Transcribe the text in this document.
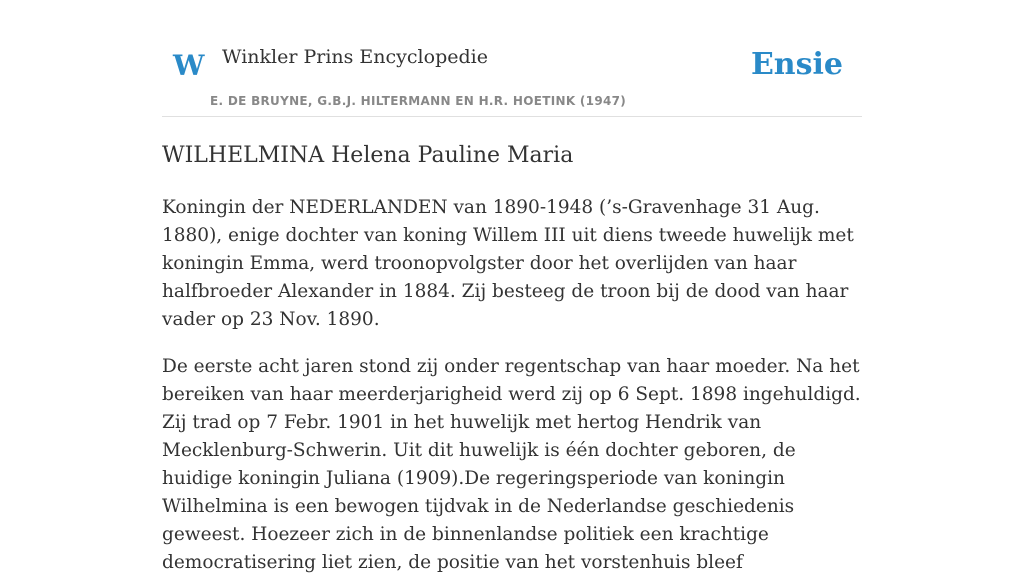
W Winkler Prins Encyclopedie
E. DE BRUYNE, G.B.J. HILTERMANN EN H.R. HOETINK (1947)
Ensie
WILHELMINA Helena Pauline Maria

Koningin der NEDERLANDEN van 1890-1948 (’s-Gravenhage 31 Aug. 1880), enige dochter van koning Willem III uit diens tweede huwelijk met koningin Emma, werd troonopvolgster door het overlijden van haar halfbroeder Alexander in 1884. Zij besteeg de troon bij de dood van haar vader op 23 Nov. 1890.

De eerste acht jaren stond zij onder regentschap van haar moeder. Na het bereiken van haar meerderjarigheid werd zij op 6 Sept. 1898 ingehuldigd. Zij trad op 7 Febr. 1901 in het huwelijk met hertog Hendrik van Mecklenburg-Schwerin. Uit dit huwelijk is één dochter geboren, de huidige koningin Juliana (1909).De regeringsperiode van koningin Wilhelmina is een bewogen tijdvak in de Nederlandse geschiedenis geweest. Hoezeer zich in de binnenlandse politiek een krachtige democratisering liet zien, de positie van het vorstenhuis bleef
